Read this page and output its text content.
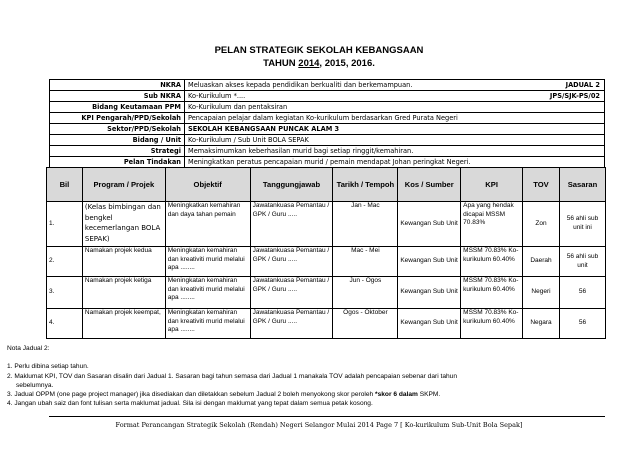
PELAN STRATEGIK SEKOLAH KEBANGSAAN
TAHUN 2014, 2015, 2016.
NKRA	Meluaskan akses kepada pendidikan berkualiti dan berkemampuan. JADUAL 2

Sub NKRA	Ko-Kurikulum *.... JPS/SJK-PS/02

Bidang Keutamaan PPM	Ko-Kurikulum dan pentaksiran
KPI Pengarah/PPD/Sekolah	Pencapaian pelajar dalam kegiatan Ko-kurikulum berdasarkan Gred Purata Negeri
Sektor/PPD/Sekolah	SEKOLAH KEBANGSAAN PUNCAK ALAM 3
Bidang / Unit	Ko-Kurikulum / Sub Unit BOLA SEPAK
Strategi	Memaksimumkan keberhasilan murid bagi setiap ringgit/kemahiran.
Pelan Tindakan	Meningkatkan peratus pencapaian murid / pemain mendapat Johan peringkat Negeri.
Bil	Program / Projek	Objektif	Tanggungjawab	Tarikh / Tempoh	Kos / Sumber	KPI	TOV	Sasaran
1.	(Kelas bimbingan dan bengkel kecemerlangan BOLA SEPAK)	Meningkatkan kemahiran dan daya tahan pemain	Jawatankuasa Pemantau / GPK / Guru .....	Jan - Mac	Kewangan Sub Unit	Apa yang hendak dicapai MSSM 70.83%	Zon	56 ahli sub unit ini
2.	Namakan projek kedua	Meningkatan kemahiran dan kreativiti murid melalui apa ........	Jawatankuasa Pemantau / GPK / Guru .....	Mac - Mei	Kewangan Sub Unit	MSSM 70.83% Ko-kurikulum 60.40%	Daerah	56 ahli sub unit
3.	Namakan projek ketiga	Meningkatan kemahiran dan kreativiti murid melalui apa ........	Jawatankuasa Pemantau / GPK / Guru .....	Jun - Ogos	Kewangan Sub Unit	MSSM 70.83% Ko-kurikulum 60.40%	Negeri	56
4.	Namakan projek keempat,	Meningkatan kemahiran dan kreativiti murid melalui apa ........	Jawatankuasa Pemantau / GPK / Guru .....	Ogos - Oktober	Kewangan Sub Unit	MSSM 70.83% Ko-kurikulum 60.40%	Negara	56
Nota Jadual 2:
1. Perlu dibina setiap tahun.
2. Maklumat KPI, TOV dan Sasaran disalin dari Jadual 1. Sasaran bagi tahun semasa dari Jadual 1 manakala TOV adalah pencapaian sebenar dari tahun
sebelumnya.
3. Jadual OPPM (one page project manager) jika disediakan dan diletakkan sebelum Jadual 2 boleh menyokong skor peroleh *skor 6 dalam SKPM.
4. Jangan ubah saiz dan font tulisan serta maklumat jadual. Sila isi dengan maklumat yang tepat dalam semua petak kosong.
Format Perancangan Strategik Sekolah (Rendah) Negeri Selangor Mulai 2014 Page 7 [ Ko-kurikulum Sub-Unit Bola Sepak]
